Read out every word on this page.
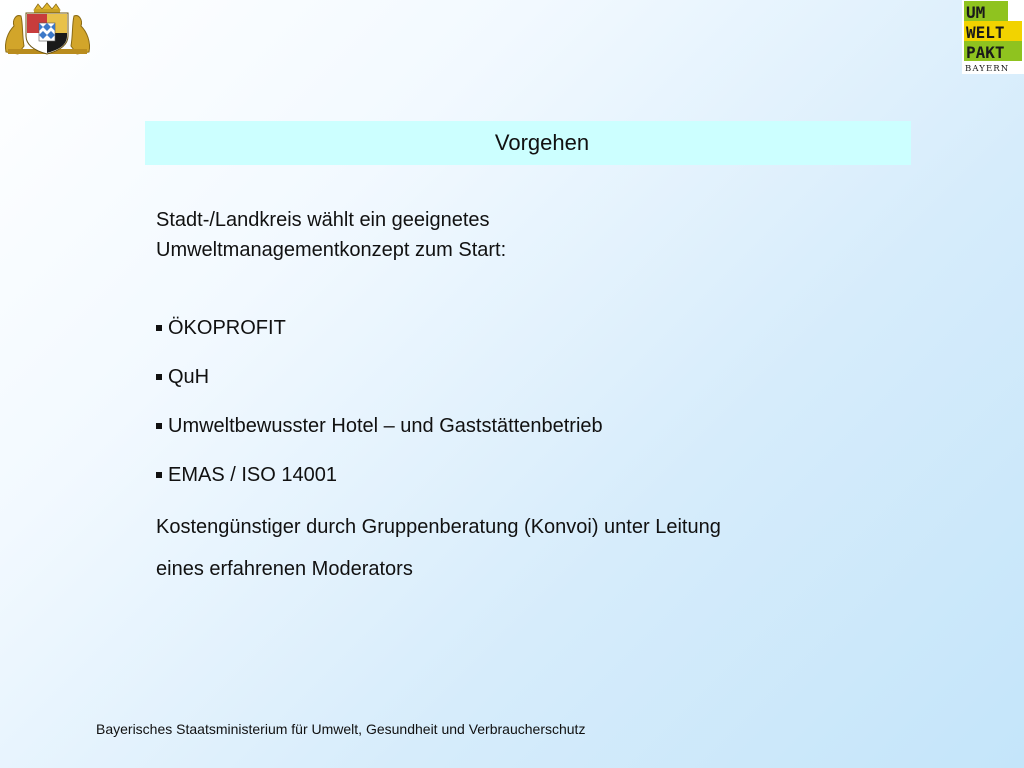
UM
WELT
PAKT
BAYERN
Vorgehen
Stadt-/Landkreis wählt ein geeignetes
Umweltmanagementkonzept zum Start:
ÖKOPROFIT
QuH
Umweltbewusster Hotel – und Gaststättenbetrieb
EMAS / ISO 14001
Kostengünstiger durch Gruppenberatung (Konvoi) unter Leitung
eines erfahrenen Moderators
Bayerisches Staatsministerium für Umwelt, Gesundheit und Verbraucherschutz
